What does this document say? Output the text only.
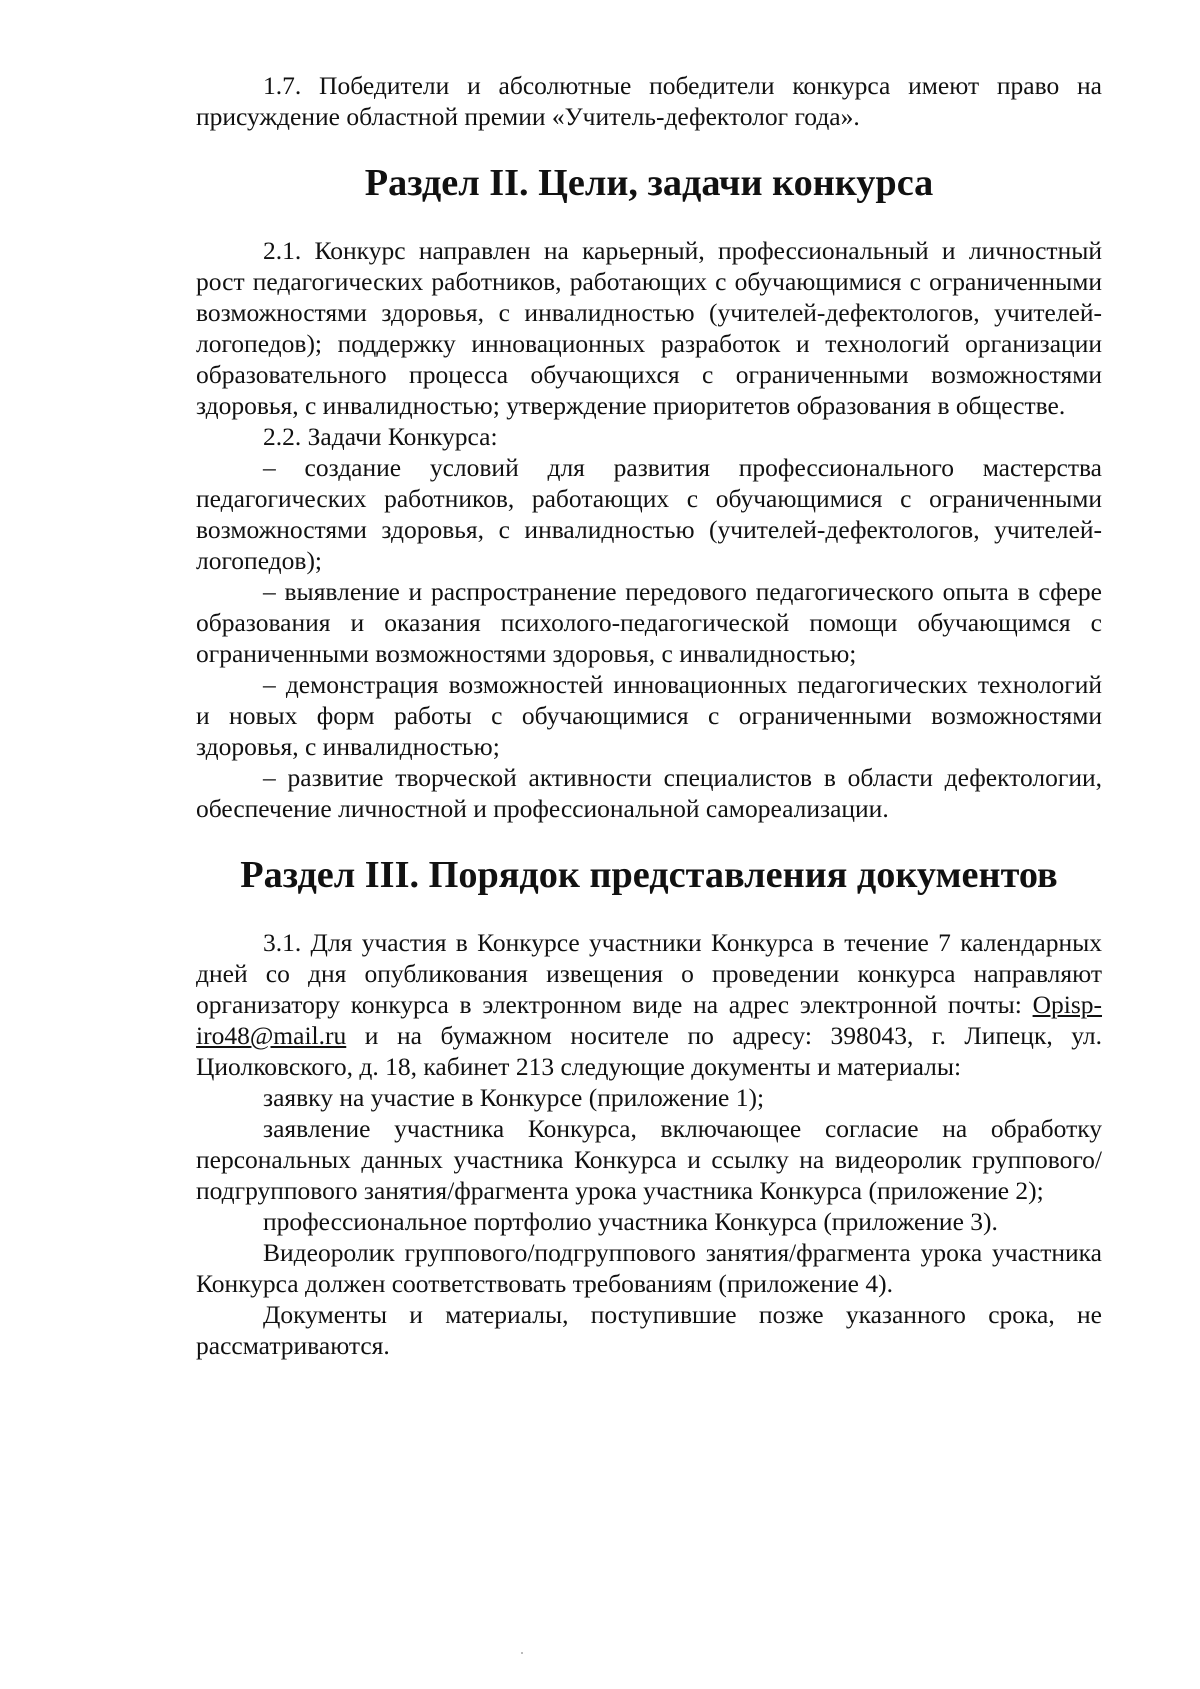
1.7. Победители и абсолютные победители конкурса имеют право на присуждение областной премии «Учитель-дефектолог года».

Раздел II. Цели, задачи конкурса

2.1. Конкурс направлен на карьерный, профессиональный и личностный рост педагогических работников, работающих с обучающимися с ограниченными возможностями здоровья, с инвалидностью (учителей-дефектологов, учителей-логопедов); поддержку инновационных разработок и технологий организации образовательного процесса обучающихся с ограниченными возможностями здоровья, с инвалидностью; утверждение приоритетов образования в обществе.

2.2. Задачи Конкурса:

– создание условий для развития профессионального мастерства педагогических работников, работающих с обучающимися с ограниченными возможностями здоровья, с инвалидностью (учителей-дефектологов, учителей-логопедов);

– выявление и распространение передового педагогического опыта в сфере образования и оказания психолого-педагогической помощи обучающимся с ограниченными возможностями здоровья, с инвалидностью;

– демонстрация возможностей инновационных педагогических технологий и новых форм работы с обучающимися с ограниченными возможностями здоровья, с инвалидностью;

– развитие творческой активности специалистов в области дефектологии, обеспечение личностной и профессиональной самореализации.

Раздел III. Порядок представления документов

3.1. Для участия в Конкурсе участники Конкурса в течение 7 календарных дней со дня опубликования извещения о проведении конкурса направляют организатору конкурса в электронном виде на адрес электронной почты: Opisp-iro48@mail.ru и на бумажном носителе по адресу: 398043, г. Липецк, ул. Циолковского, д. 18, кабинет 213 следующие документы и материалы:

заявку на участие в Конкурсе (приложение 1);

заявление участника Конкурса, включающее согласие на обработку персональных данных участника Конкурса и ссылку на видеоролик группового/подгруппового занятия/фрагмента урока участника Конкурса (приложение 2);

профессиональное портфолио участника Конкурса (приложение 3).

Видеоролик группового/подгруппового занятия/фрагмента урока участника Конкурса должен соответствовать требованиям (приложение 4).

Документы и материалы, поступившие позже указанного срока, не рассматриваются.
